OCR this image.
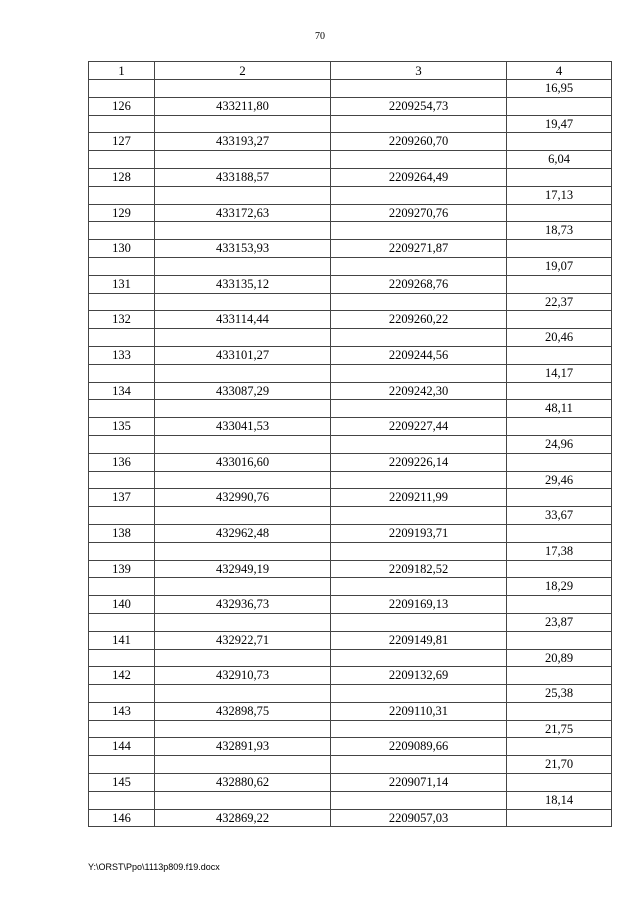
70
1	2	3	4
			16,95
126	433211,80	2209254,73	
			19,47
127	433193,27	2209260,70	
			6,04
128	433188,57	2209264,49	
			17,13
129	433172,63	2209270,76	
			18,73
130	433153,93	2209271,87	
			19,07
131	433135,12	2209268,76	
			22,37
132	433114,44	2209260,22	
			20,46
133	433101,27	2209244,56	
			14,17
134	433087,29	2209242,30	
			48,11
135	433041,53	2209227,44	
			24,96
136	433016,60	2209226,14	
			29,46
137	432990,76	2209211,99	
			33,67
138	432962,48	2209193,71	
			17,38
139	432949,19	2209182,52	
			18,29
140	432936,73	2209169,13	
			23,87
141	432922,71	2209149,81	
			20,89
142	432910,73	2209132,69	
			25,38
143	432898,75	2209110,31	
			21,75
144	432891,93	2209089,66	
			21,70
145	432880,62	2209071,14	
			18,14
146	432869,22	2209057,03	
Y:\ORST\Ppo\1113p809.f19.docx
